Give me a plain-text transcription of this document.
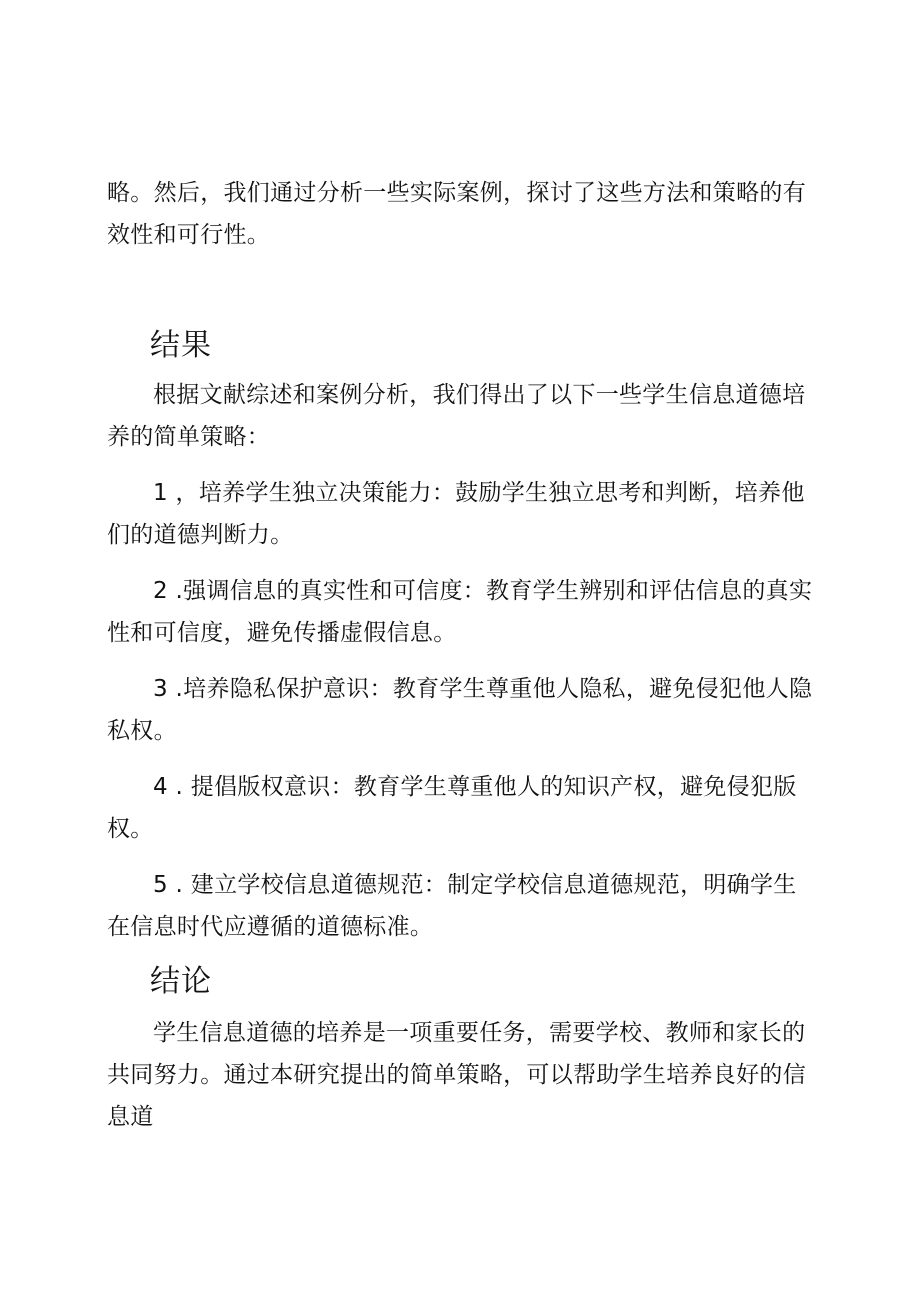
略。然后，我们通过分析一些实际案例，探讨了这些方法和策略的有效性和可行性。

结果

根据文献综述和案例分析，我们得出了以下一些学生信息道德培养的简单策略：

1 ，培养学生独立决策能力：鼓励学生独立思考和判断，培养他们的道德判断力。

2 .强调信息的真实性和可信度：教育学生辨别和评估信息的真实性和可信度，避免传播虚假信息。

3 .培养隐私保护意识：教育学生尊重他人隐私，避免侵犯他人隐私权。

4 . 提倡版权意识：教育学生尊重他人的知识产权，避免侵犯版权。

5 . 建立学校信息道德规范：制定学校信息道德规范，明确学生在信息时代应遵循的道德标准。

结论

学生信息道德的培养是一项重要任务，需要学校、教师和家长的共同努力。通过本研究提出的简单策略，可以帮助学生培养良好的信息道
